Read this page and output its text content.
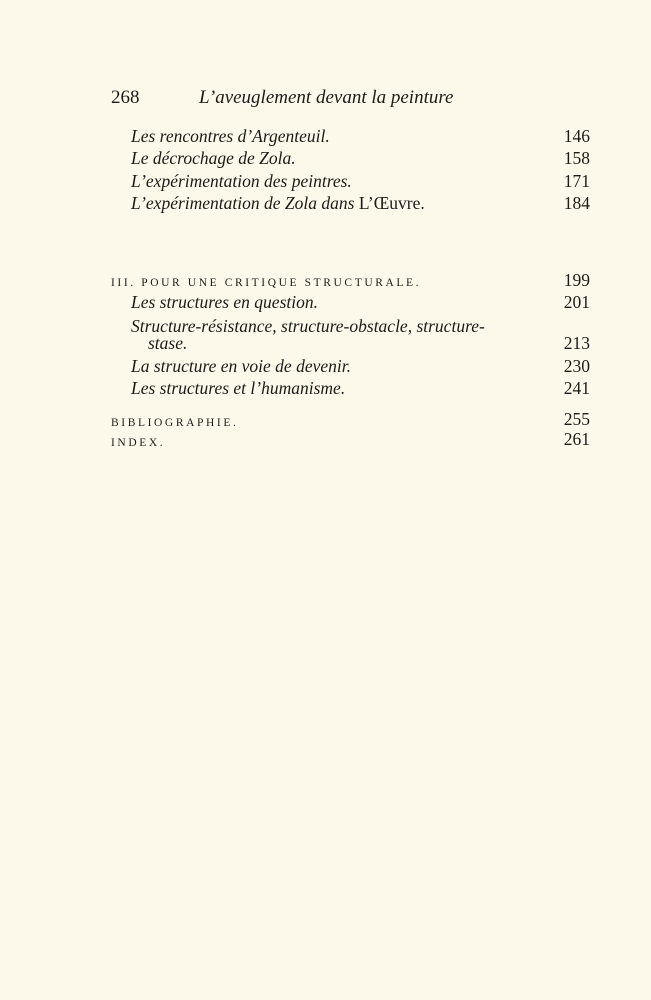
268	L’aveuglement devant la peinture
Les rencontres d’Argenteuil.	146
Le décrochage de Zola.	158
L’expérimentation des peintres.	171
L’expérimentation de Zola dans L’Œuvre.	184
III. POUR UNE CRITIQUE STRUCTURALE.	199
Les structures en question.	201
Structure-résistance, structure-obstacle, structure-
stase.	213
La structure en voie de devenir.	230
Les structures et l’humanisme.	241
BIBLIOGRAPHIE.	255
INDEX.	261
